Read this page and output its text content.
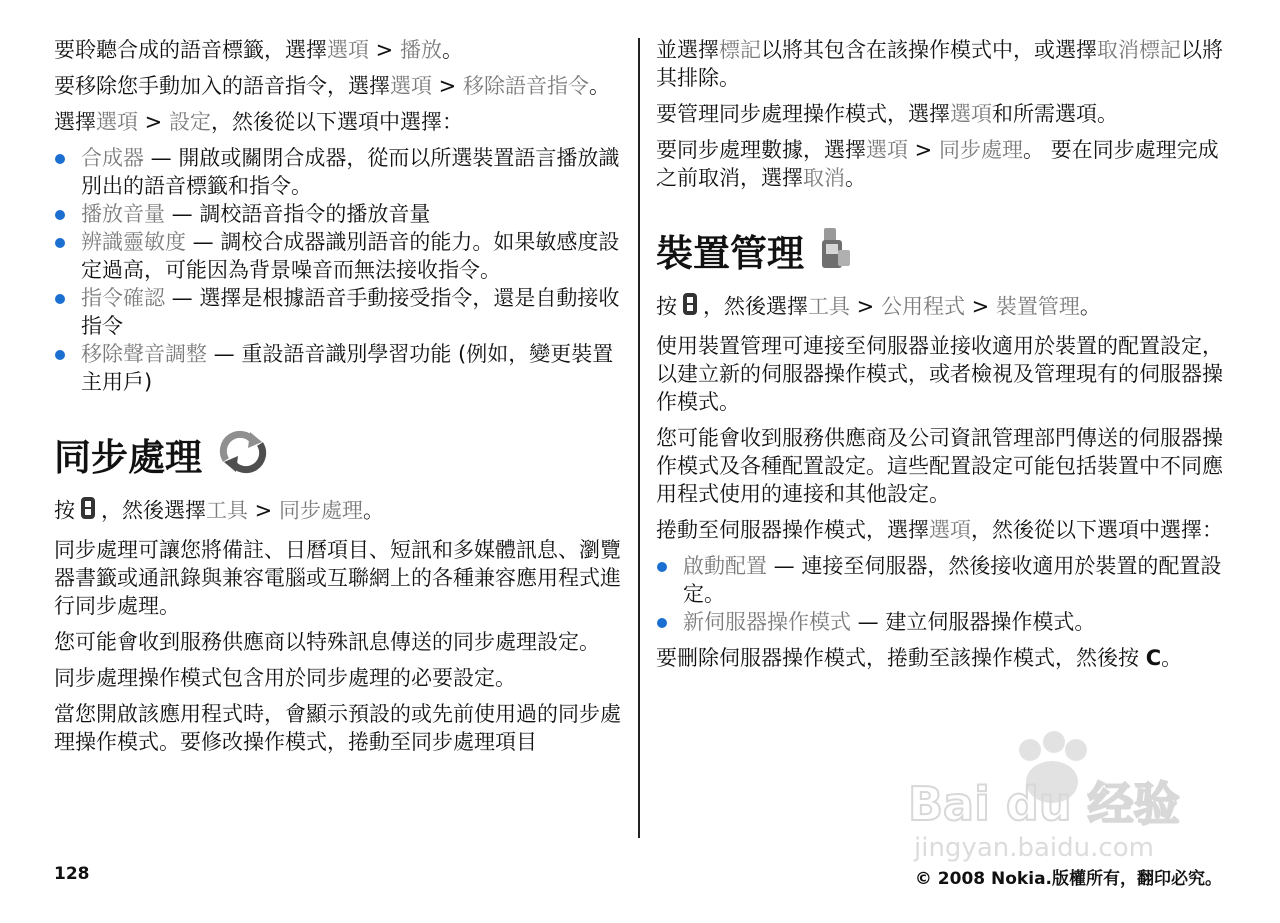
要聆聽合成的語音標籤，選擇選項 > 播放。

要移除您手動加入的語音指令，選擇選項 > 移除語音指令。

選擇選項 > 設定，然後從以下選項中選擇：

合成器 — 開啟或關閉合成器，從而以所選裝置語言播放識別出的語音標籤和指令。
播放音量 — 調校語音指令的播放音量
辨識靈敏度 — 調校合成器識別語音的能力。如果敏感度設定過高，可能因為背景噪音而無法接收指令。
指令確認 — 選擇是根據語音手動接受指令，還是自動接收指令
移除聲音調整 — 重設語音識別學習功能 (例如，變更裝置主用戶)
同步處理

按 ，然後選擇工具 > 同步處理。

同步處理可讓您將備註、日曆項目、短訊和多媒體訊息、瀏覽器書籤或通訊錄與兼容電腦或互聯網上的各種兼容應用程式進行同步處理。

您可能會收到服務供應商以特殊訊息傳送的同步處理設定。

同步處理操作模式包含用於同步處理的必要設定。

當您開啟該應用程式時，會顯示預設的或先前使用過的同步處理操作模式。要修改操作模式，捲動至同步處理項目

並選擇標記以將其包含在該操作模式中，或選擇取消標記以將其排除。

要管理同步處理操作模式，選擇選項和所需選項。

要同步處理數據，選擇選項 > 同步處理。 要在同步處理完成之前取消，選擇取消。

裝置管理

按 ，然後選擇工具 > 公用程式 > 裝置管理。

使用裝置管理可連接至伺服器並接收適用於裝置的配置設定，以建立新的伺服器操作模式，或者檢視及管理現有的伺服器操作模式。

您可能會收到服務供應商及公司資訊管理部門傳送的伺服器操作模式及各種配置設定。這些配置設定可能包括裝置中不同應用程式使用的連接和其他設定。

捲動至伺服器操作模式，選擇選項，然後從以下選項中選擇：

啟動配置 — 連接至伺服器，然後接收適用於裝置的配置設定。
新伺服器操作模式 — 建立伺服器操作模式。

要刪除伺服器操作模式，捲動至該操作模式，然後按 C。

Bai du 经验
jingyan.baidu.com
128	© 2008 Nokia.版權所有，翻印必究。
